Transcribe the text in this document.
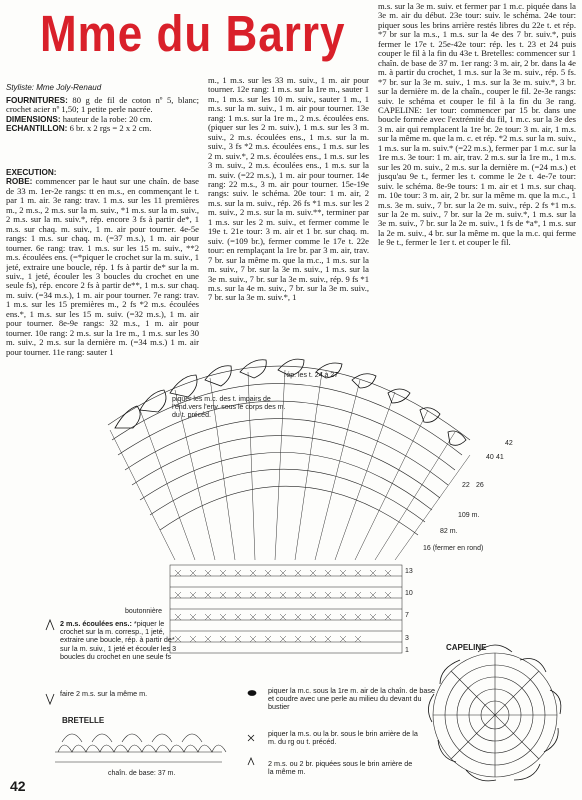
Mme du Barry
Styliste: Mme Joly-Renaud

FOURNITURES: 80 g de fil de coton nº 5, blanc; crochet acier nº 1,50; 1 petite perle nacrée.

DIMENSIONS: hauteur de la robe: 20 cm.

ECHANTILLON: 6 br. x 2 rgs = 2 x 2 cm.

EXECUTION:

ROBE: commencer par le haut sur une chaîn. de base de 33 m. 1er-2e rangs: tt en m.s., en commençant le t. par 1 m. air. 3e rang: trav. 1 m.s. sur les 11 premières m., 2 m.s., 2 m.s. sur la m. suiv., *1 m.s. sur la m. suiv., 2 m.s. sur la m. suiv.*, rép. encore 3 fs à partir de*, 1 m.s. sur chaq. m. suiv., 1 m. air pour tourner. 4e-5e rangs: 1 m.s. sur chaq. m. (=37 m.s.), 1 m. air pour tourner. 6e rang: trav. 1 m.s. sur les 15 m. suiv., **2 m.s. écoulées ens. (=*piquer le crochet sur la m. suiv., 1 jeté, extraire une boucle, rép. 1 fs à partir de* sur la m. suiv., 1 jeté, écouler les 3 boucles du crochet en une seule fs), rép. encore 2 fs à partir de**, 1 m.s. sur chaq. m. suiv. (=34 m.s.), 1 m. air pour tourner. 7e rang: trav. 1 m.s. sur les 15 premières m., 2 fs *2 m.s. écoulées ens.*, 1 m.s. sur les 15 m. suiv. (=32 m.s.), 1 m. air pour tourner. 8e-9e rangs: 32 m.s., 1 m. air pour tourner. 10e rang: 2 m.s. sur la 1re m., 1 m.s. sur les 30 m. suiv., 2 m.s. sur la dernière m. (=34 m.s.) 1 m. air pour tourner. 11e rang: sauter 1

m., 1 m.s. sur les 33 m. suiv., 1 m. air pour tourner. 12e rang: 1 m.s. sur la 1re m., sauter 1 m., 1 m.s. sur les 10 m. suiv., sauter 1 m., 1 m.s. sur la m. suiv., 1 m. air pour tourner. 13e rang: 1 m.s. sur la 1re m., 2 m.s. écoulées ens. (piquer sur les 2 m. suiv.), 1 m.s. sur les 3 m. suiv., 2 m.s. écoulées ens., 1 m.s. sur la m. suiv., 3 fs *2 m.s. écoulées ens., 1 m.s. sur les 2 m. suiv.*, 2 m.s. écoulées ens., 1 m.s. sur les 3 m. suiv., 2 m.s. écoulées ens., 1 m.s. sur la m. suiv. (=22 m.s.), 1 m. air pour tourner. 14e rang: 22 m.s., 3 m. air pour tourner. 15e-19e rangs: suiv. le schéma. 20e tour: 1 m. air, 2 m.s. sur la m. suiv., rép. 26 fs *1 m.s. sur les 2 m. suiv., 2 m.s. sur la m. suiv.**, terminer par 1 m.s. sur les 2 m. suiv., et fermer comme le 19e t. 21e tour: 3 m. air et 1 br. sur chaq. m. suiv. (=109 br.), fermer comme le 17e t. 22e tour: en remplaçant la 1re br. par 3 m. air, trav. 7 br. sur la même m. que la m.c., 1 m.s. sur la m. suiv., 7 br. sur la 3e m. suiv., 1 m.s. sur la 3e m. suiv., 7 br. sur la 3e m. suiv., rép. 9 fs *1 m.s. sur la 4e m. suiv., 7 br. sur la 3e m. suiv., 7 br. sur la 3e m. suiv.*, 1

m.s. sur la 3e m. suiv. et fermer par 1 m.c. piquée dans la 3e m. air du début. 23e tour: suiv. le schéma. 24e tour: piquer sous les brins arrière restés libres du 22e t. et rép. *7 br sur la m.s., 1 m.s. sur la 4e des 7 br. suiv.*, puis fermer le 17e t. 25e-42e tour: rép. les t. 23 et 24 puis couper le fil à la fin du 43e t. Bretelles: commencer sur 1 chaîn. de base de 37 m. 1er rang: 3 m. air, 2 br. dans la 4e m. à partir du crochet, 1 m.s. sur la 3e m. suiv., rép. 5 fs. *7 br. sur la 3e m. suiv., 1 m.s. sur la 3e m. suiv.*, 3 br. sur la dernière m. de la chaîn., couper le fil. 2e-3e rangs: suiv. le schéma et couper le fil à la fin du 3e rang. CAPELINE: 1er tour: commencer par 15 br. dans une boucle formée avec l'extrémité du fil, 1 m.c. sur la 3e des 3 m. air qui remplacent la 1re br. 2e tour: 3 m. air, 1 m.s. sur la même m. que la m. c. et rép. *2 m.s. sur la m. suiv., 1 m.s. sur la m. suiv.* (=22 m.s.), fermer par 1 m.c. sur la 1re m.s. 3e tour: 1 m. air, trav. 2 m.s. sur la 1re m., 1 m.s. sur les 20 m. suiv., 2 m.s. sur la dernière m. (=24 m.s.) et jusqu'au 9e t., fermer les t. comme le 2e t. 4e-7e tour: suiv. le schéma. 8e-9e tours: 1 m. air et 1 m.s. sur chaq. m. 10e tour: 3 m. air, 2 br. sur la même m. que la m.c., 1 m.s. 3e m. suiv., 7 br. sur la 2e m. suiv., rép. 2 fs *1 m.s. sur la 2e m. suiv., 7 br. sur la 2e m. suiv.*, 1 m.s. sur la 3e m. suiv., 7 br. sur la 2e m. suiv., 1 fs de *a*, 1 m.s. sur la 2e m. suiv., 4 br. sur la même m. que la m.c. qui ferme le 9e t., fermer le 1er t. et couper le fil.

rép. les t. 24 à 27
piquer les m.c. des t. impairs de l'end.vers l'env. sous le corps des m. du t. précéd.
109 m.
82 m.
16 (fermer en rond)
boutonnière
CAPELINE
BRETELLE
chaîn. de base: 37 m.
13
10
7
3
1
22 26
40 41
42
2 m.s. écoulées ens.: *piquer le crochet sur la m. corresp., 1 jeté, extraire une boucle, rép. à partir de* sur la m. suiv., 1 jeté et écouler les 3 boucles du crochet en une seule fs
faire 2 m.s. sur la même m.	piquer la m.c. sous la 1re m. air de la chaîn. de base et coudre avec une perle au milieu du devant du bustier
piquer la m.s. ou la br. sous le brin arrière de la m. du rg ou t. précéd.
2 m.s. ou 2 br. piquées sous le brin arrière de la même m.
42
